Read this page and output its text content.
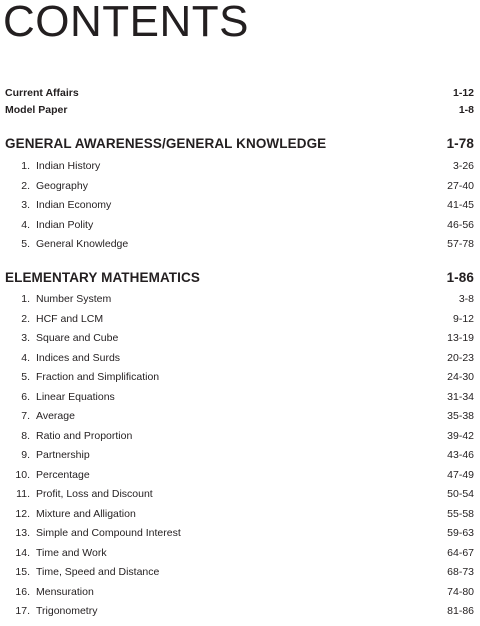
CONTENTS
Current Affairs	1-12
Model Paper	1-8
GENERAL AWARENESS/GENERAL KNOWLEDGE	1-78
1. Indian History	3-26
2. Geography	27-40
3. Indian Economy	41-45
4. Indian Polity	46-56
5. General Knowledge	57-78
ELEMENTARY MATHEMATICS	1-86
1. Number System	3-8
2. HCF and LCM	9-12
3. Square and Cube	13-19
4. Indices and Surds	20-23
5. Fraction and Simplification	24-30
6. Linear Equations	31-34
7. Average	35-38
8. Ratio and Proportion	39-42
9. Partnership	43-46
10. Percentage	47-49
11. Profit, Loss and Discount	50-54
12. Mixture and Alligation	55-58
13. Simple and Compound Interest	59-63
14. Time and Work	64-67
15. Time, Speed and Distance	68-73
16. Mensuration	74-80
17. Trigonometry	81-86
